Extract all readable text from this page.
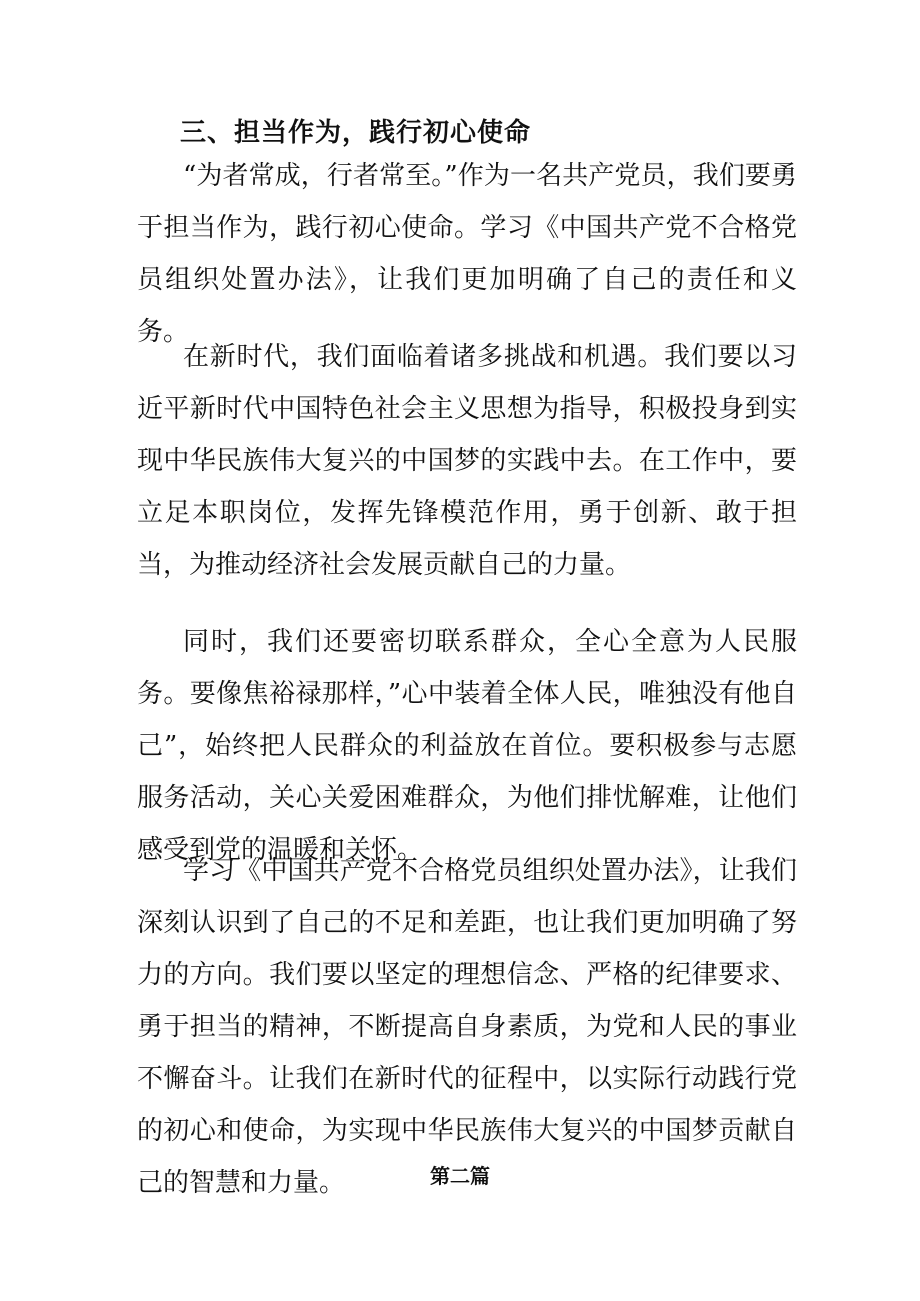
三、担当作为，践行初心使命

“为者常成，行者常至。”作为一名共产党员，我们要勇于担当作为，践行初心使命。学习《中国共产党不合格党员组织处置办法》，让我们更加明确了自己的责任和义务。

在新时代，我们面临着诸多挑战和机遇。我们要以习近平新时代中国特色社会主义思想为指导，积极投身到实现中华民族伟大复兴的中国梦的实践中去。在工作中，要立足本职岗位，发挥先锋模范作用，勇于创新、敢于担当，为推动经济社会发展贡献自己的力量。

同时，我们还要密切联系群众，全心全意为人民服务。要像焦裕禄那样，”心中装着全体人民，唯独没有他自己”，始终把人民群众的利益放在首位。要积极参与志愿服务活动，关心关爱困难群众，为他们排忧解难，让他们感受到党的温暖和关怀。

学习《中国共产党不合格党员组织处置办法》，让我们深刻认识到了自己的不足和差距，也让我们更加明确了努力的方向。我们要以坚定的理想信念、严格的纪律要求、勇于担当的精神，不断提高自身素质，为党和人民的事业不懈奋斗。让我们在新时代的征程中，以实际行动践行党的初心和使命，为实现中华民族伟大复兴的中国梦贡献自己的智慧和力量。	第二篇
